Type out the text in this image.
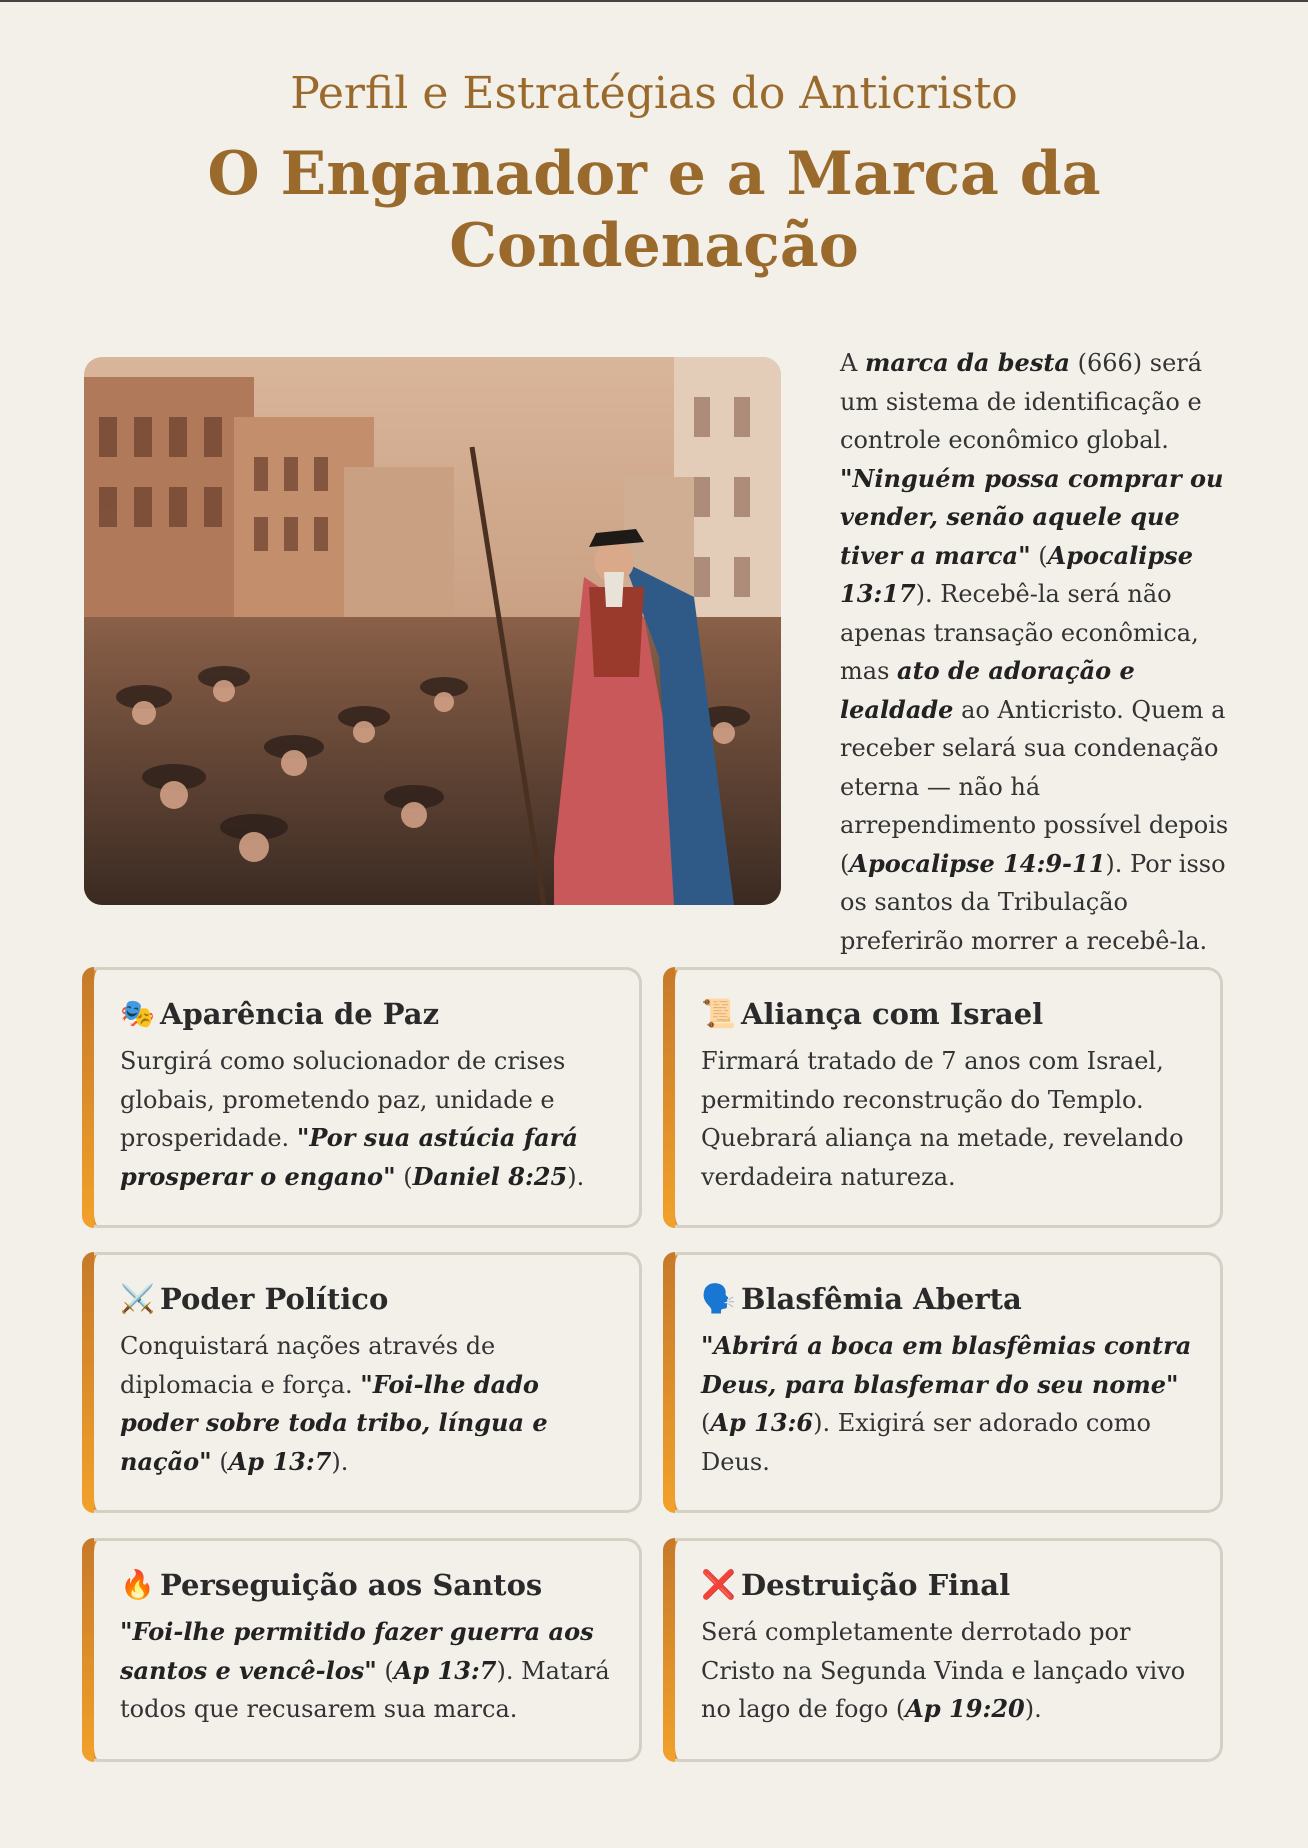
Perfil e Estratégias do Anticristo
O Enganador e a Marca da Condenação
A marca da besta (666) será um sistema de identificação e controle econômico global. "Ninguém possa comprar ou vender, senão aquele que tiver a marca" (Apocalipse 13:17). Recebê-la será não apenas transação econômica, mas ato de adoração e lealdade ao Anticristo. Quem a receber selará sua condenação eterna — não há arrependimento possível depois (Apocalipse 14:9-11). Por isso os santos da Tribulação preferirão morrer a recebê-la.
🎭 Aparência de Paz
Surgirá como solucionador de crises globais, prometendo paz, unidade e prosperidade. "Por sua astúcia fará prosperar o engano" (Daniel 8:25).
📜 Aliança com Israel
Firmará tratado de 7 anos com Israel, permitindo reconstrução do Templo. Quebrará aliança na metade, revelando verdadeira natureza.
⚔️ Poder Político
Conquistará nações através de diplomacia e força. "Foi-lhe dado poder sobre toda tribo, língua e nação" (Ap 13:7).
🗣️ Blasfêmia Aberta
"Abrirá a boca em blasfêmias contra Deus, para blasfemar do seu nome" (Ap 13:6). Exigirá ser adorado como Deus.
🔥 Perseguição aos Santos
"Foi-lhe permitido fazer guerra aos santos e vencê-los" (Ap 13:7). Matará todos que recusarem sua marca.
❌ Destruição Final
Será completamente derrotado por Cristo na Segunda Vinda e lançado vivo no lago de fogo (Ap 19:20).
